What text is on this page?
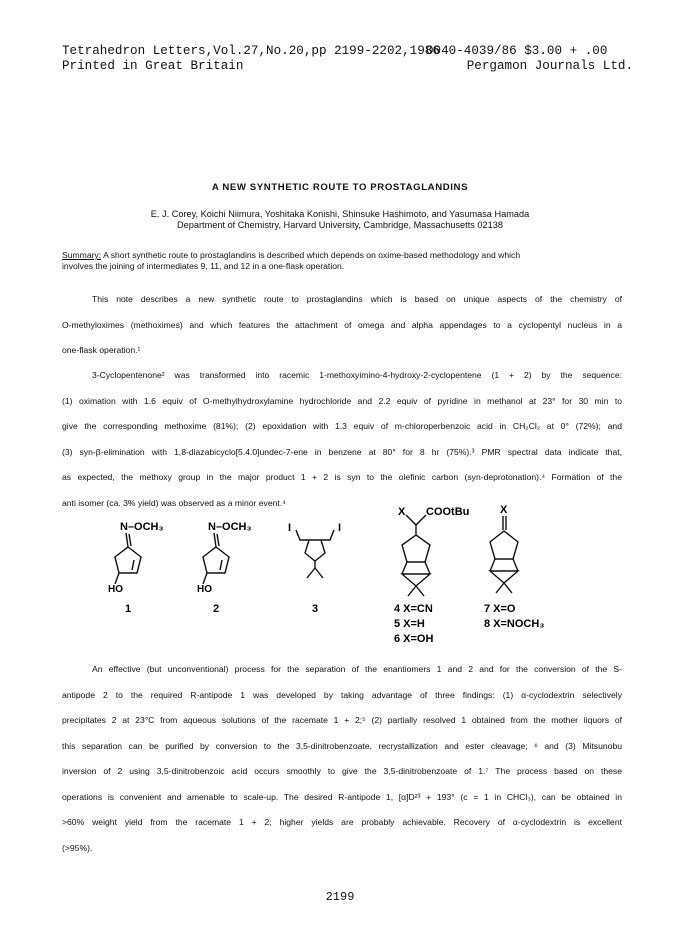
Tetrahedron Letters,Vol.27,No.20,pp 2199-2202,1986
0040-4039/86 $3.00 + .00
Printed in Great Britain	Pergamon Journals Ltd.
A NEW SYNTHETIC ROUTE TO PROSTAGLANDINS
E. J. Corey, Koichi Niimura, Yoshitaka Konishi, Shinsuke Hashimoto, and Yasumasa Hamada
Department of Chemistry, Harvard University, Cambridge, Massachusetts 02138
Summary: A short synthetic route to prostaglandins is described which depends on oxime-based methodology and which
involves the joining of intermediates 9, 11, and 12 in a one-flask operation.
This note describes a new synthetic route to prostaglandins which is based on unique aspects of the chemistry of
O-methyloximes (methoximes) and which features the attachment of omega and alpha appendages to a cyclopentyl nucleus in a
one-flask operation.¹
3-Cyclopentenone² was transformed into racemic 1-methoxyimino-4-hydroxy-2-cyclopentene (1 + 2) by the sequence:
(1) oximation with 1.6 equiv of O-methylhydroxylamine hydrochloride and 2.2 equiv of pyridine in methanol at 23° for 30 min to
give the corresponding methoxime (81%); (2) epoxidation with 1.3 equiv of m-chloroperbenzoic acid in CH₂Cl₂ at 0° (72%); and
(3) syn-β-elimination with 1,8-diazabicyclo[5.4.0]undec-7-ene in benzene at 80° for 8 hr (75%).³ PMR spectral data indicate that,
as expected, the methoxy group in the major product 1 + 2 is syn to the olefinic carbon (syn-deprotonation).⁴ Formation of the
anti isomer (ca. 3% yield) was observed as a minor event.⁴
N–OCH₃
HO
1
N–OCH₃
HO
2
I	I
3
X COOtBu
4 X=CN
5 X=H
6 X=OH
X
7 X=O
8 X=NOCH₃
An effective (but unconventional) process for the separation of the enantiomers 1 and 2 and for the conversion of the S-
antipode 2 to the required R-antipode 1 was developed by taking advantage of three findings: (1) α-cyclodextrin selectively
precipitates 2 at 23°C from aqueous solutions of the racemate 1 + 2;⁵ (2) partially resolved 1 obtained from the mother liquors of
this separation can be purified by conversion to the 3,5-dinitrobenzoate, recrystallization and ester cleavage; ⁶ and (3) Mitsunobu
inversion of 2 using 3,5-dinitrobenzoic acid occurs smoothly to give the 3,5-dinitrobenzoate of 1.⁷ The process based on these
operations is convenient and amenable to scale-up. The desired R-antipode 1, [α]D²³ + 193° (c = 1 in CHCl₃), can be obtained in
>60% weight yield from the racemate 1 + 2; higher yields are probably achievable. Recovery of α-cyclodextrin is excellent
(>95%).
2199
